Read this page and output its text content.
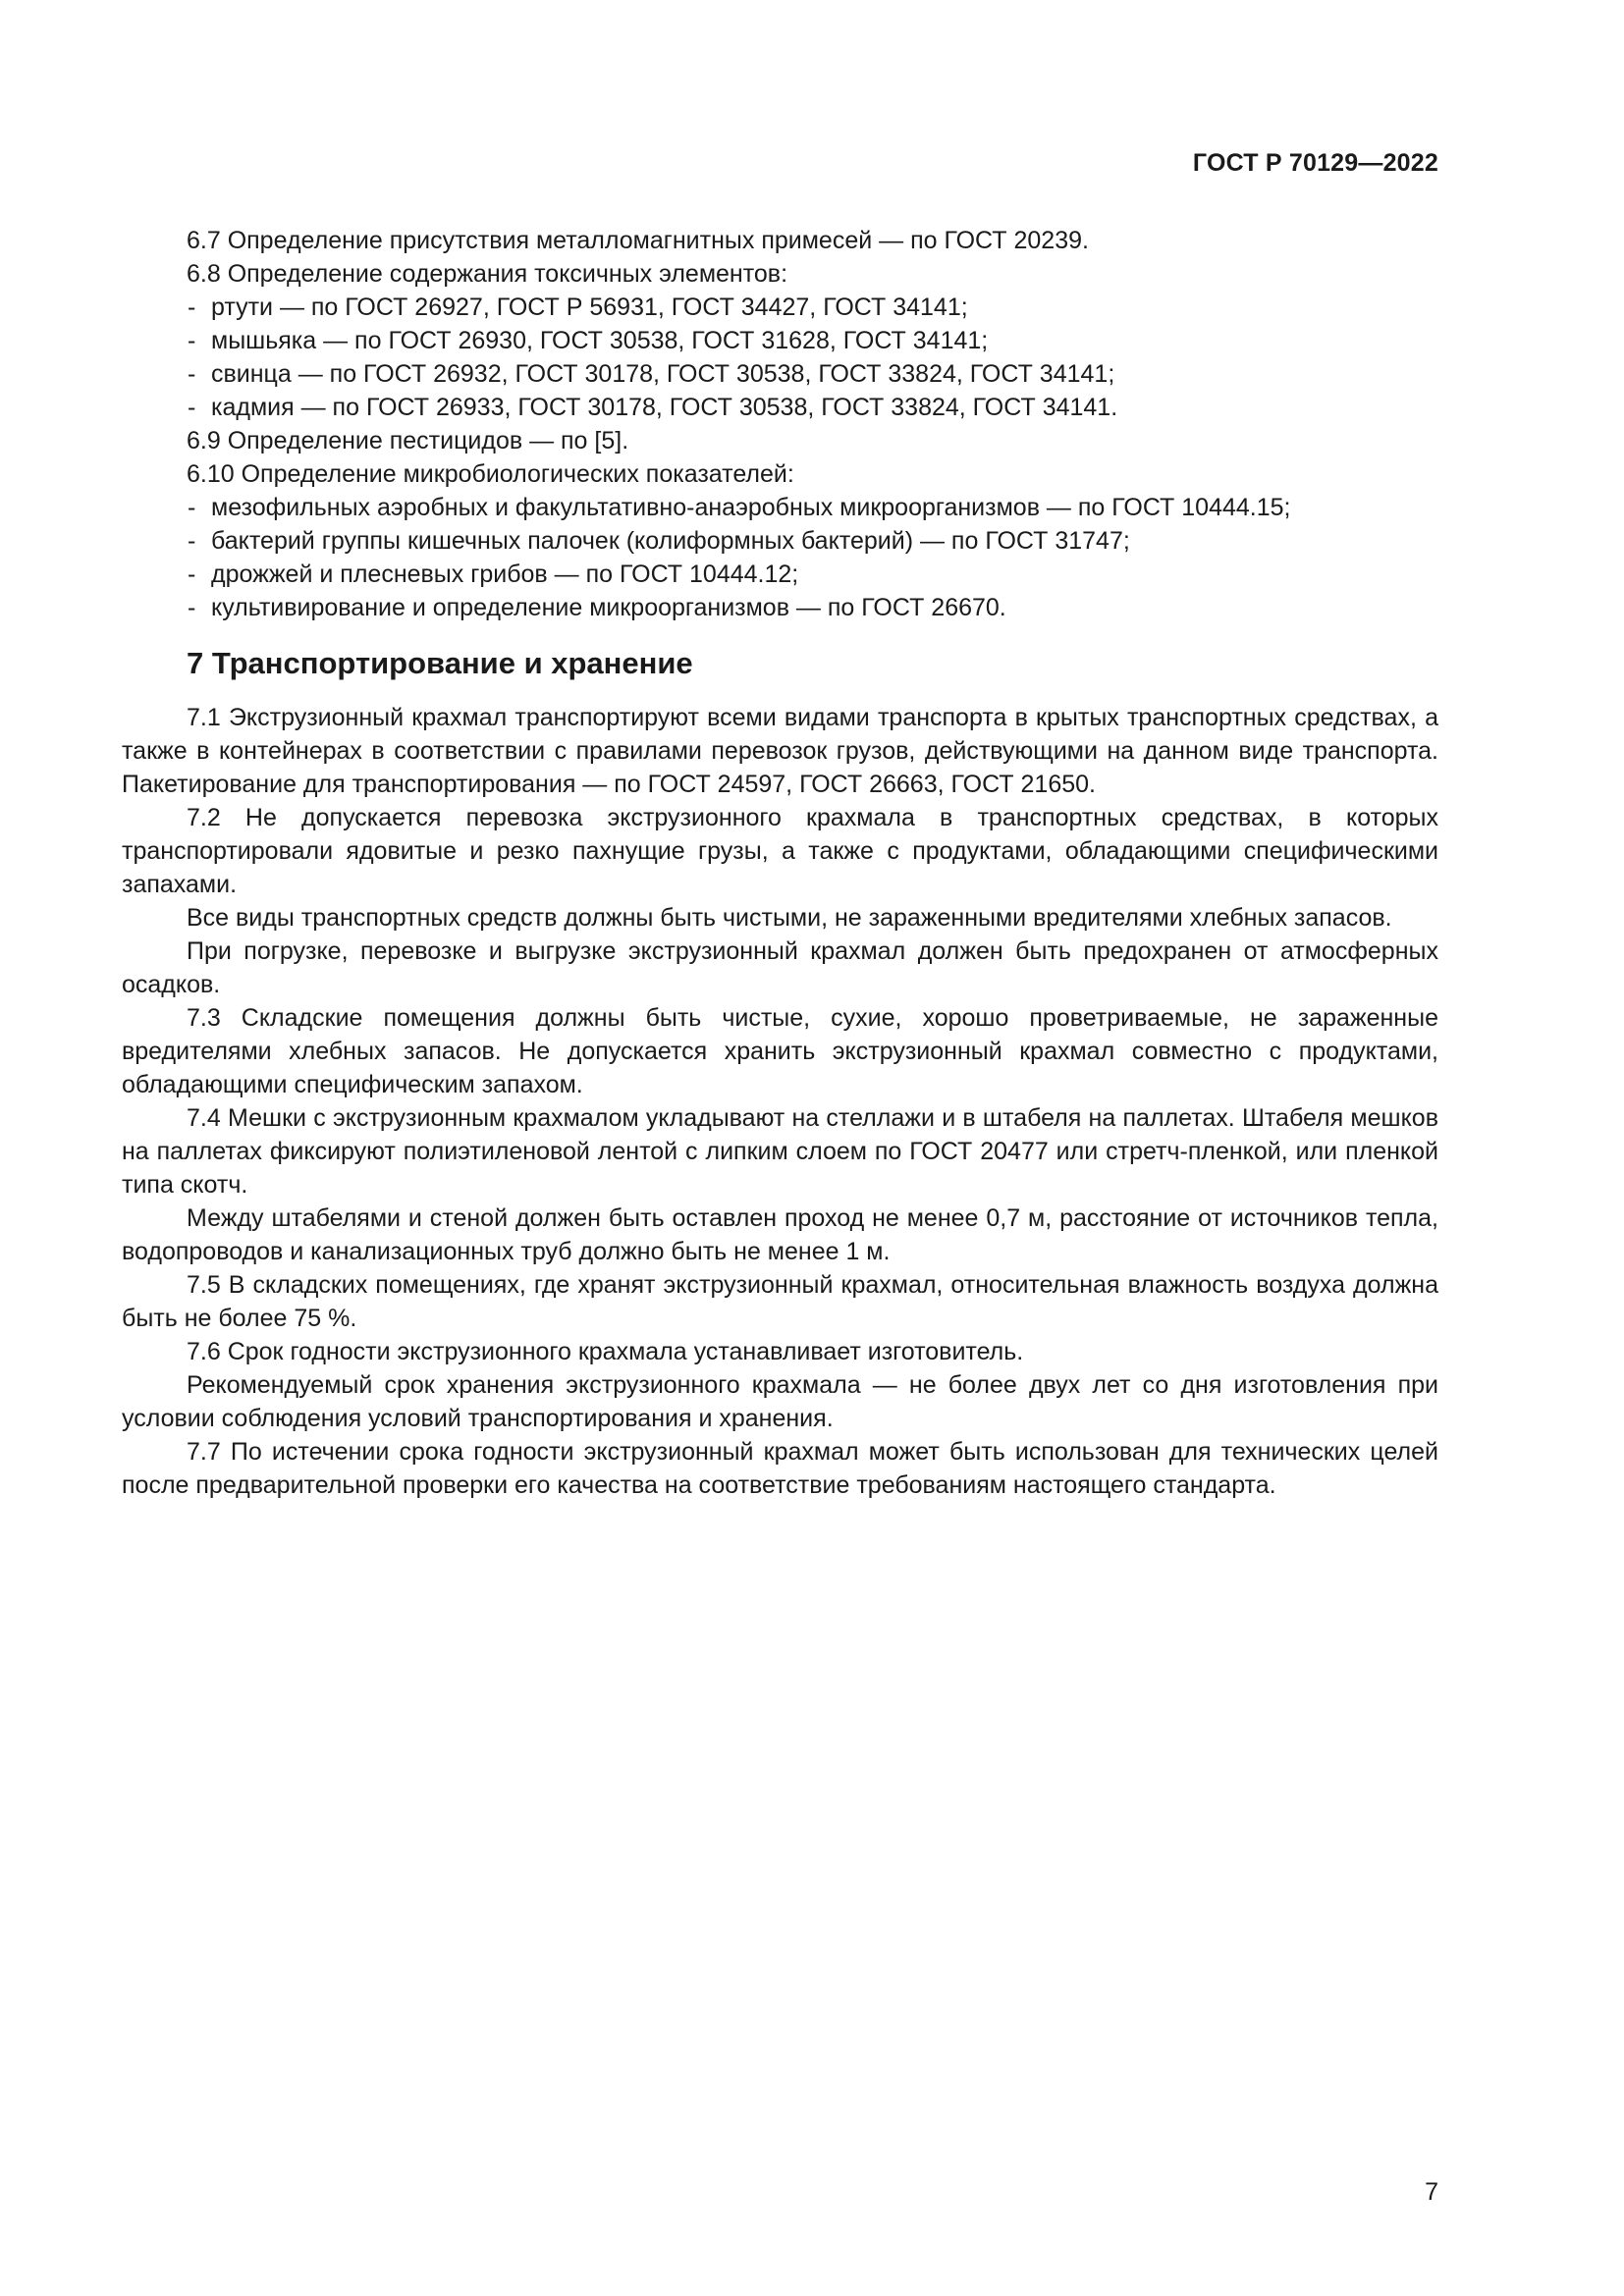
ГОСТ Р 70129—2022

6.7 Определение присутствия металломагнитных примесей — по ГОСТ 20239.

6.8 Определение содержания токсичных элементов:

- ртути — по ГОСТ 26927, ГОСТ Р 56931, ГОСТ 34427, ГОСТ 34141;
- мышьяка — по ГОСТ 26930, ГОСТ 30538, ГОСТ 31628, ГОСТ 34141;
- свинца — по ГОСТ 26932, ГОСТ 30178, ГОСТ 30538, ГОСТ 33824, ГОСТ 34141;
- кадмия — по ГОСТ 26933, ГОСТ 30178, ГОСТ 30538, ГОСТ 33824, ГОСТ 34141.

6.9 Определение пестицидов — по [5].

6.10 Определение микробиологических показателей:

- мезофильных аэробных и факультативно-анаэробных микроорганизмов — по ГОСТ 10444.15;
- бактерий группы кишечных палочек (колиформных бактерий) — по ГОСТ 31747;
- дрожжей и плесневых грибов — по ГОСТ 10444.12;
- культивирование и определение микроорганизмов — по ГОСТ 26670.
7 Транспортирование и хранение

7.1 Экструзионный крахмал транспортируют всеми видами транспорта в крытых транспортных средствах, а также в контейнерах в соответствии с правилами перевозок грузов, действующими на данном виде транспорта. Пакетирование для транспортирования — по ГОСТ 24597, ГОСТ 26663, ГОСТ 21650.

7.2 Не допускается перевозка экструзионного крахмала в транспортных средствах, в которых транспортировали ядовитые и резко пахнущие грузы, а также с продуктами, обладающими специфическими запахами.

Все виды транспортных средств должны быть чистыми, не зараженными вредителями хлебных запасов.

При погрузке, перевозке и выгрузке экструзионный крахмал должен быть предохранен от атмосферных осадков.

7.3 Складские помещения должны быть чистые, сухие, хорошо проветриваемые, не зараженные вредителями хлебных запасов. Не допускается хранить экструзионный крахмал совместно с продуктами, обладающими специфическим запахом.

7.4 Мешки с экструзионным крахмалом укладывают на стеллажи и в штабеля на паллетах. Штабеля мешков на паллетах фиксируют полиэтиленовой лентой с липким слоем по ГОСТ 20477 или стретч-пленкой, или пленкой типа скотч.

Между штабелями и стеной должен быть оставлен проход не менее 0,7 м, расстояние от источников тепла, водопроводов и канализационных труб должно быть не менее 1 м.

7.5 В складских помещениях, где хранят экструзионный крахмал, относительная влажность воздуха должна быть не более 75 %.

7.6 Срок годности экструзионного крахмала устанавливает изготовитель.

Рекомендуемый срок хранения экструзионного крахмала — не более двух лет со дня изготовления при условии соблюдения условий транспортирования и хранения.

7.7 По истечении срока годности экструзионный крахмал может быть использован для технических целей после предварительной проверки его качества на соответствие требованиям настоящего стандарта.

7
